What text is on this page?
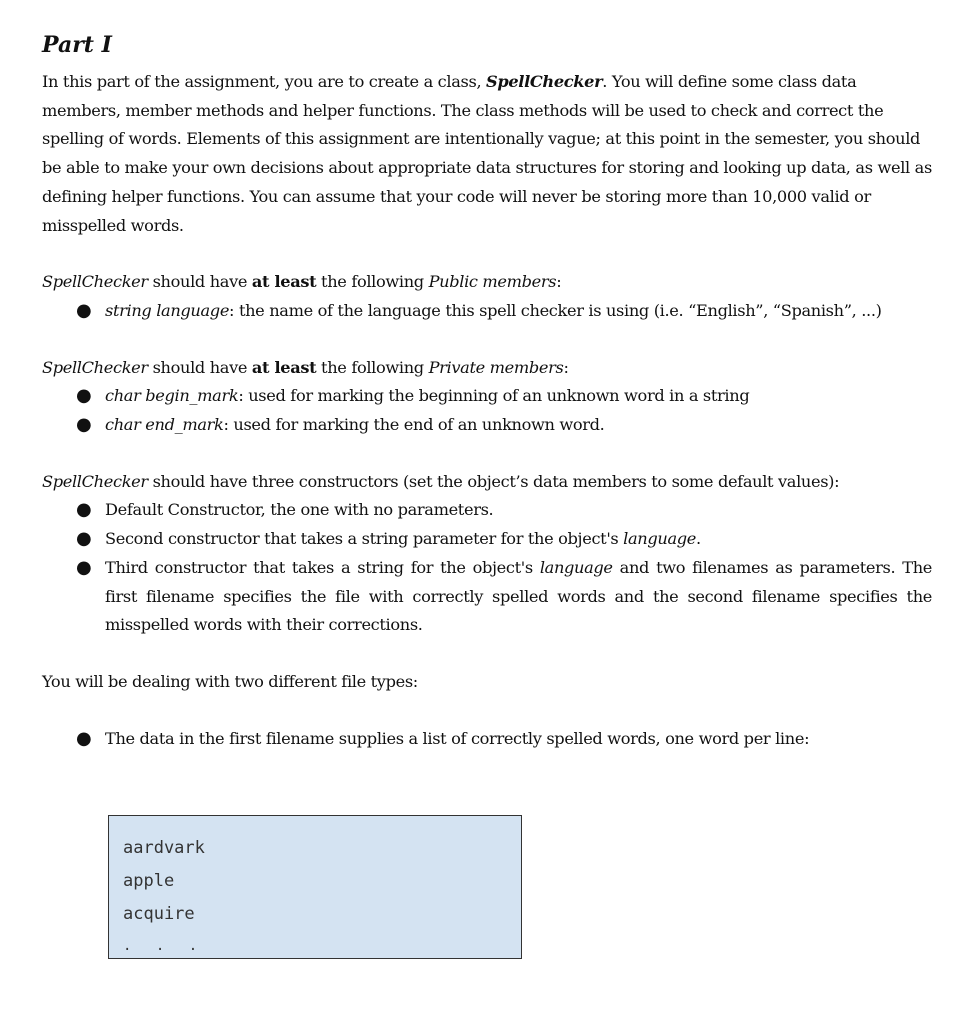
Part I

In this part of the assignment, you are to create a class, SpellChecker. You will define some class data members, member methods and helper functions. The class methods will be used to check and correct the spelling of words. Elements of this assignment are intentionally vague; at this point in the semester, you should be able to make your own decisions about appropriate data structures for storing and looking up data, as well as defining helper functions. You can assume that your code will never be storing more than 10,000 valid or misspelled words.

SpellChecker should have at least the following Public members:

● string language: the name of the language this spell checker is using (i.e. “English”, “Spanish”, ...)

SpellChecker should have at least the following Private members:

● char begin_mark: used for marking the beginning of an unknown word in a string
● char end_mark: used for marking the end of an unknown word.

SpellChecker should have three constructors (set the object’s data members to some default values):

● Default Constructor, the one with no parameters.
● Second constructor that takes a string parameter for the object's language.
● Third constructor that takes a string for the object's language and two filenames as parameters. The first filename specifies the file with correctly spelled words and the second filename specifies the misspelled words with their corrections.

You will be dealing with two different file types:

● The data in the first filename supplies a list of correctly spelled words, one word per line:
aardvark
apple
acquire
. . .
